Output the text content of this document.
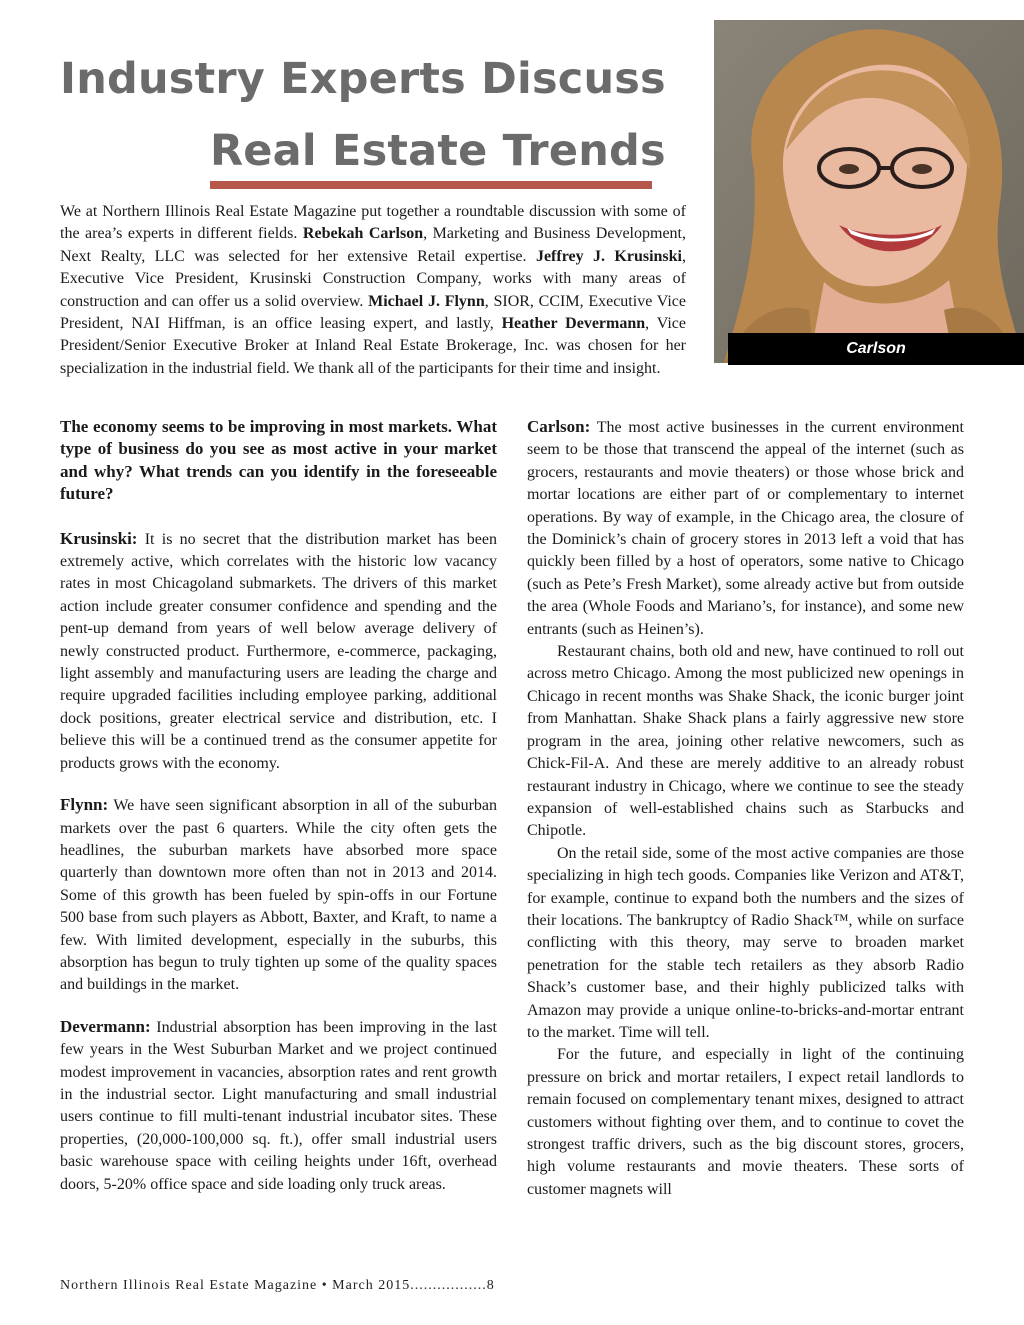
Industry Experts Discuss
Real Estate Trends
Carlson

We at Northern Illinois Real Estate Magazine put together a roundtable discussion with some of the area’s experts in different fields. Rebekah Carlson, Marketing and Business Development, Next Realty, LLC was selected for her extensive Retail expertise. Jeffrey J. Krusinski, Executive Vice President, Krusinski Construction Company, works with many areas of construction and can offer us a solid overview. Michael J. Flynn, SIOR, CCIM, Executive Vice President, NAI Hiffman, is an office leasing expert, and lastly, Heather Devermann, Vice President/Senior Executive Broker at Inland Real Estate Brokerage, Inc. was chosen for her specialization in the industrial field. We thank all of the participants for their time and insight.

The economy seems to be improving in most markets. What type of business do you see as most active in your market and why? What trends can you identify in the foreseeable future?

Krusinski: It is no secret that the distribution market has been extremely active, which correlates with the historic low vacancy rates in most Chicagoland submarkets. The drivers of this market action include greater consumer confidence and spending and the pent-up demand from years of well below average delivery of newly constructed product. Furthermore, e-commerce, packaging, light assembly and manufacturing users are leading the charge and require upgraded facilities including employee parking, additional dock positions, greater electrical service and distribution, etc. I believe this will be a continued trend as the consumer appetite for products grows with the economy.

Flynn: We have seen significant absorption in all of the suburban markets over the past 6 quarters. While the city often gets the headlines, the suburban markets have absorbed more space quarterly than downtown more often than not in 2013 and 2014. Some of this growth has been fueled by spin-offs in our Fortune 500 base from such players as Abbott, Baxter, and Kraft, to name a few. With limited development, especially in the suburbs, this absorption has begun to truly tighten up some of the quality spaces and buildings in the market.

Devermann: Industrial absorption has been improving in the last few years in the West Suburban Market and we project continued modest improvement in vacancies, absorption rates and rent growth in the industrial sector. Light manufacturing and small industrial users continue to fill multi-tenant industrial incubator sites. These properties, (20,000-100,000 sq. ft.), offer small industrial users basic warehouse space with ceiling heights under 16ft, overhead doors, 5-20% office space and side loading only truck areas.

Carlson: The most active businesses in the current environment seem to be those that transcend the appeal of the internet (such as grocers, restaurants and movie theaters) or those whose brick and mortar locations are either part of or complementary to internet operations. By way of example, in the Chicago area, the closure of the Dominick’s chain of grocery stores in 2013 left a void that has quickly been filled by a host of operators, some native to Chicago (such as Pete’s Fresh Market), some already active but from outside the area (Whole Foods and Mariano’s, for instance), and some new entrants (such as Heinen’s).

Restaurant chains, both old and new, have continued to roll out across metro Chicago. Among the most publicized new openings in Chicago in recent months was Shake Shack, the iconic burger joint from Manhattan. Shake Shack plans a fairly aggressive new store program in the area, joining other relative newcomers, such as Chick-Fil-A. And these are merely additive to an already robust restaurant industry in Chicago, where we continue to see the steady expansion of well-established chains such as Starbucks and Chipotle.

On the retail side, some of the most active companies are those specializing in high tech goods. Companies like Verizon and AT&T, for example, continue to expand both the numbers and the sizes of their locations. The bankruptcy of Radio Shack™, while on surface conflicting with this theory, may serve to broaden market penetration for the stable tech retailers as they absorb Radio Shack’s customer base, and their highly publicized talks with Amazon may provide a unique online-to-bricks-and-mortar entrant to the market. Time will tell.

For the future, and especially in light of the continuing pressure on brick and mortar retailers, I expect retail landlords to remain focused on complementary tenant mixes, designed to attract customers without fighting over them, and to continue to covet the strongest traffic drivers, such as the big discount stores, grocers, high volume restaurants and movie theaters. These sorts of customer magnets will

Northern Illinois Real Estate Magazine • March 2015.................8
